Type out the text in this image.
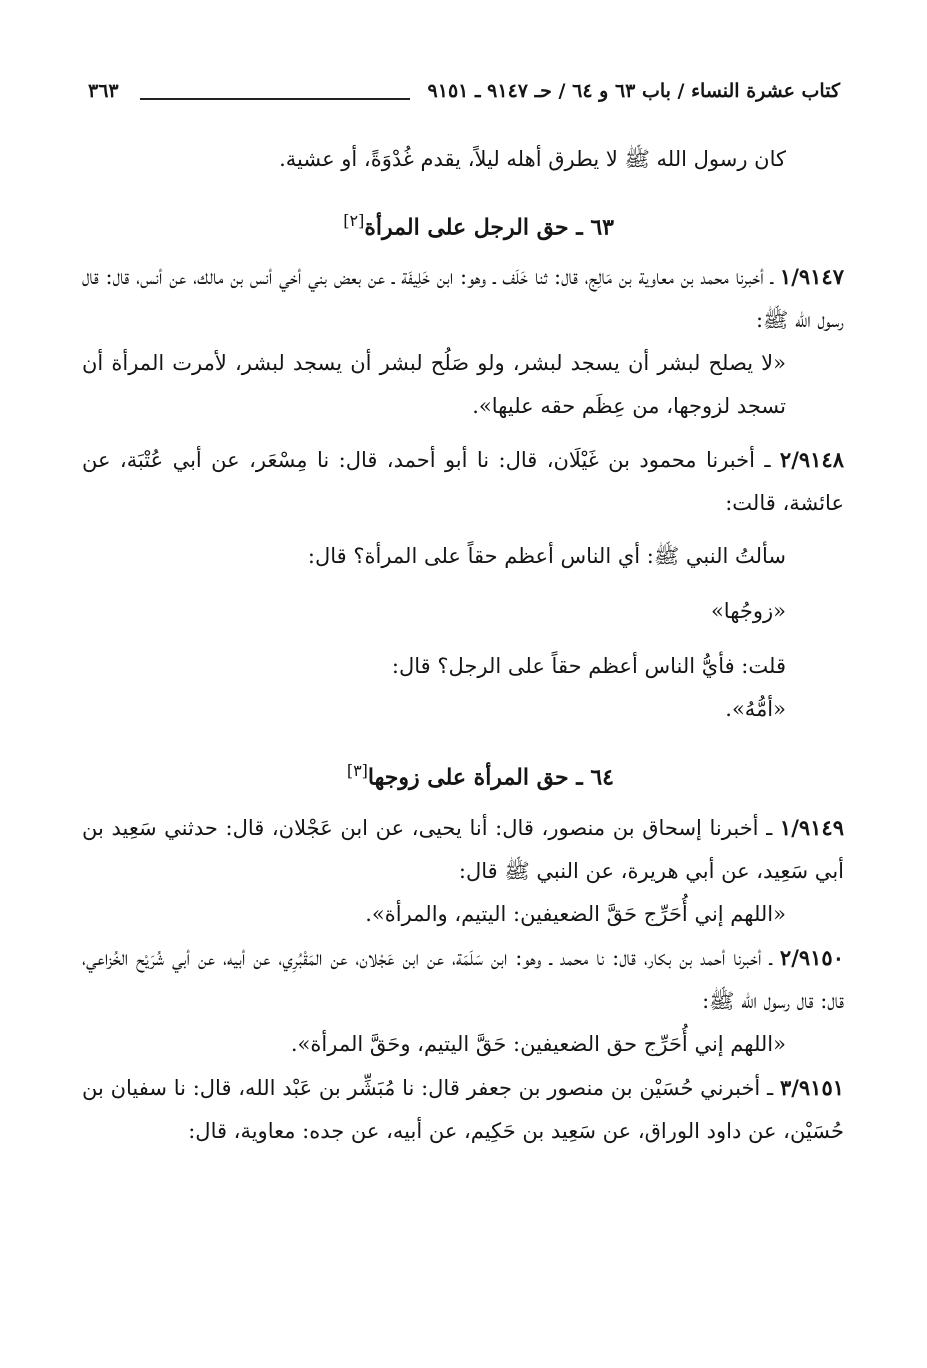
كتاب عشرة النساء / باب ٦٣ و ٦٤ / حـ ٩١٤٧ ـ ٩١٥١
٣٦٣

كان رسول الله ﷺ لا يطرق أهله ليلاً، يقدم غُدْوَةً، أو عشية.

٦٣ ـ حق الرجل على المرأة[٢]

١/٩١٤٧ ـ أخبرنا محمد بن معاوية بن مَالِج، قال: ثنا خَلَف ـ وهو: ابن خَلِيفَة ـ عن بعض بني أخي أنس بن مالك، عن أنس، قال: قال رسول الله ﷺ:

«لا يصلح لبشر أن يسجد لبشر، ولو صَلُح لبشر أن يسجد لبشر، لأمرت المرأة أن تسجد لزوجها، من عِظَم حقه عليها».

٢/٩١٤٨ ـ أخبرنا محمود بن غَيْلَان، قال: نا أبو أحمد، قال: نا مِسْعَر، عن أبي عُتْبَة، عن عائشة، قالت:

سألتُ النبي ﷺ: أي الناس أعظم حقاً على المرأة؟ قال:

«زوجُها»

قلت: فأيُّ الناس أعظم حقاً على الرجل؟ قال:

«أمُّهُ».

٦٤ ـ حق المرأة على زوجها[٣]

١/٩١٤٩ ـ أخبرنا إسحاق بن منصور، قال: أنا يحيى، عن ابن عَجْلان، قال: حدثني سَعِيد بن أبي سَعِيد، عن أبي هريرة، عن النبي ﷺ قال:

«اللهم إني أُحَرِّج حَقَّ الضعيفين: اليتيم، والمرأة».

٢/٩١٥٠ ـ أخبرنا أحمد بن بكار، قال: نا محمد ـ وهو: ابن سَلَمَة، عن ابن عَجْلان، عن المَقْبُرِي، عن أبيه، عن أبي شُرَيْح الخُزاعي، قال: قال رسول الله ﷺ:

«اللهم إني أُحَرِّج حق الضعيفين: حَقَّ اليتيم، وحَقَّ المرأة».

٣/٩١٥١ ـ أخبرني حُسَيْن بن منصور بن جعفر قال: نا مُبَشِّر بن عَبْد الله، قال: نا سفيان بن حُسَيْن، عن داود الوراق، عن سَعِيد بن حَكِيم، عن أبيه، عن جده: معاوية، قال:
